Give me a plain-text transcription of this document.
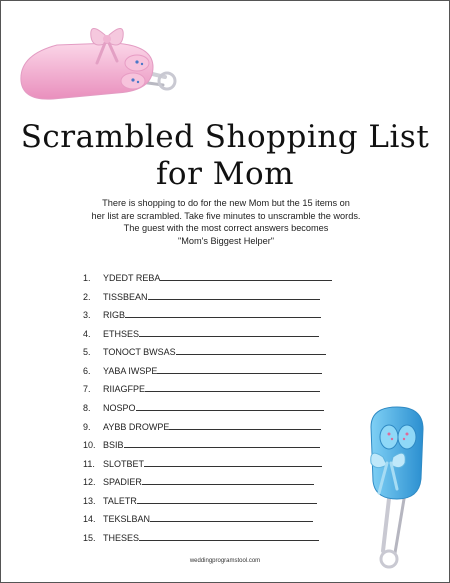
Scrambled Shopping List
for Mom
There is shopping to do for the new Mom but the 15 items on
her list are scrambled. Take five minutes to unscramble the words.
The guest with the most correct answers becomes
"Mom's Biggest Helper"
1.	YDEDT REBA
2.	TISSBEAN
3.	RIGB
4.	ETHSES
5.	TONOCT BWSAS
6.	YABA IWSPE
7.	RIIAGFPE
8.	NOSPO
9.	AYBB DROWPE
10. BSIB
11. SLOTBET
12. SPADIER
13. TALETR
14. TEKSLBAN
15. THESES
weddingprogramstool.com
